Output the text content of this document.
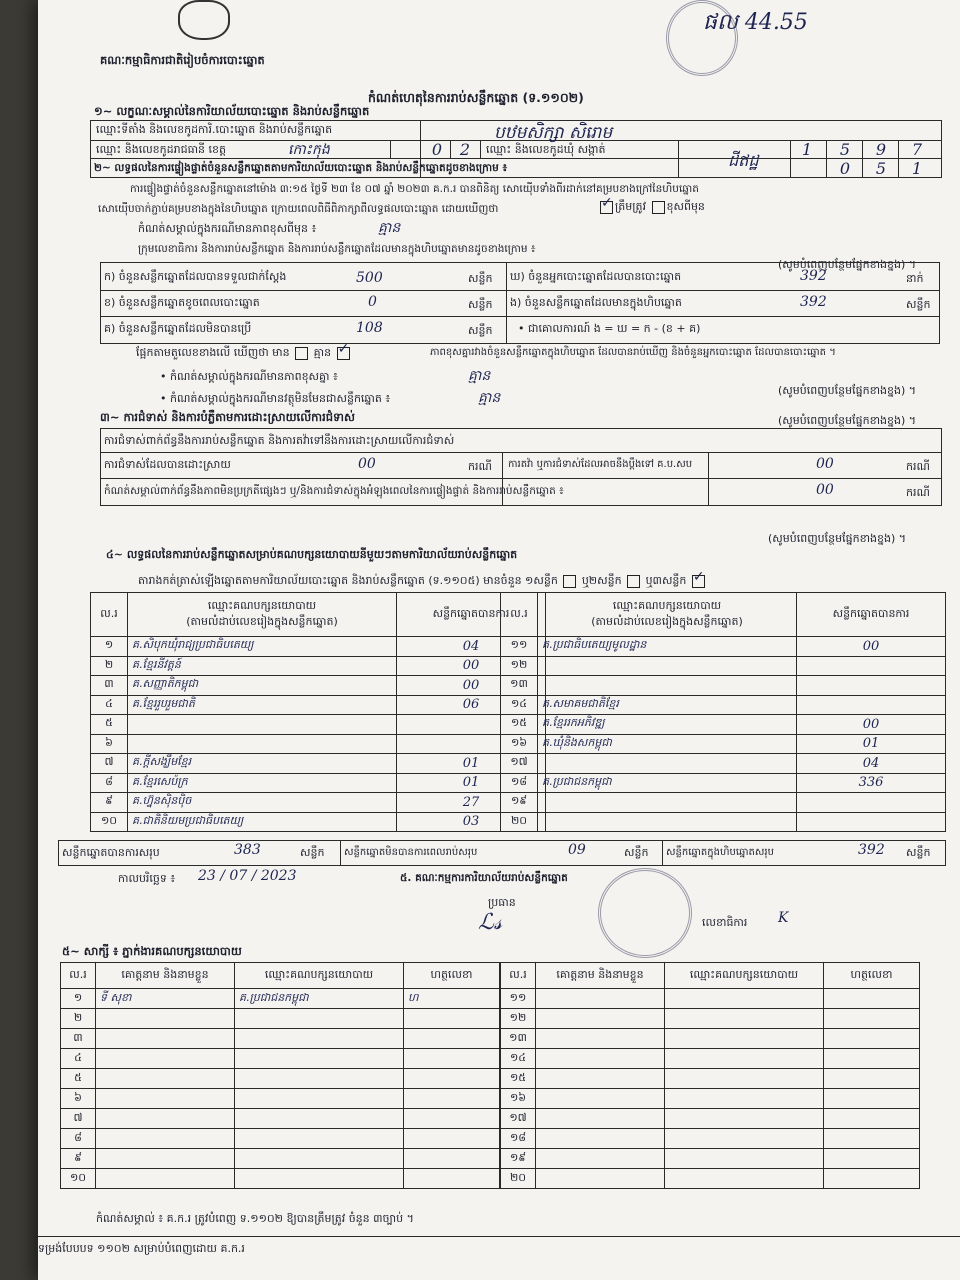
ផល 44.55
គណៈកម្មាធិការជាតិរៀបចំការបោះឆ្នោត
កំណត់ហេតុនៃការរាប់សន្លឹកឆ្នោត (ទ.១១០២)
១~ លក្ខណៈសម្គាល់នៃការិយាល័យបោះឆ្នោត និងរាប់សន្លឹកឆ្នោត
ឈ្មោះទីតាំង និងលេខកូដការិ.បោះឆ្នោត និងរាប់សន្លឹកឆ្នោត	បឋមសិក្សា សិរោម
ឈ្មោះ និងលេខកូដរាជធានី ខេត្ត	កោះកុង	0	2	ឈ្មោះ និងលេខកូដឃុំ សង្កាត់
ដីឥដ្ឋ
1	5	9	7
0	5	1
២~ លទ្ធផលនៃការផ្ទៀងផ្ទាត់ចំនួនសន្លឹកឆ្នោតតាមការិយាល័យបោះឆ្នោត និងរាប់សន្លឹកឆ្នោតដូចខាងក្រោម ៖
ការផ្ទៀងផ្ទាត់ចំនួនសន្លឹកឆ្នោតនៅម៉ោង ៣:១៥ ថ្ងៃទី ២៣ ខែ ០៧ ឆ្នាំ ២០២៣ គ.ក.រ បានពិនិត្យ សោយ៉ើបទាំងពីរដាក់នៅគម្របខាងក្រៅនៃហិបឆ្នោត
សោយ៉ើបចាក់ភ្ជាប់គម្របខាងក្នុងនៃហិបឆ្នោត ក្រោយពេលពិធីពិភាក្សាពីលទ្ធផលបោះឆ្នោត ដោយឃើញថា ✓	ត្រឹមត្រូវ ខុសពីមុន
កំណត់សម្គាល់ក្នុងករណីមានភាពខុសពីមុន ៖	គ្មាន
ក្រុមលេខាធិការ និងការរាប់សន្លឹកឆ្នោត និងការរាប់សន្លឹកឆ្នោតដែលមានក្នុងហិបឆ្នោតមានដូចខាងក្រោម ៖
(សូមបំពេញបន្ថែមផ្នែកខាងខ្នង) ។
ក) ចំនួនសន្លឹកឆ្នោតដែលបានទទួលជាក់ស្តែង	500	សន្លឹក
ខ) ចំនួនសន្លឹកឆ្នោតខូចពេលបោះឆ្នោត	0	សន្លឹក
គ) ចំនួនសន្លឹកឆ្នោតដែលមិនបានប្រើ	108	សន្លឹក
ឃ) ចំនួនអ្នកបោះឆ្នោតដែលបានបោះឆ្នោត	392	នាក់
ង) ចំនួនសន្លឹកឆ្នោតដែលមានក្នុងហិបឆ្នោត	392	សន្លឹក
• ជាគោលការណ៍ ង = ឃ = ក - (ខ + គ)
ផ្អែកតាមតួលេខខាងលើ ឃើញថា មាន គ្មាន ✓	ភាពខុសគ្នារវាងចំនួនសន្លឹកឆ្នោតក្នុងហិបឆ្នោត ដែលបានរាប់ឃើញ និងចំនួនអ្នកបោះឆ្នោត ដែលបានបោះឆ្នោត ។
• កំណត់សម្គាល់ក្នុងករណីមានភាពខុសគ្នា ៖	គ្មាន
(សូមបំពេញបន្ថែមផ្នែកខាងខ្នង) ។
• កំណត់សម្គាល់ក្នុងករណីមានវត្ថុមិនមែនជាសន្លឹកឆ្នោត ៖	គ្មាន
៣~ ការជំទាស់ និងការបំភ្លឺតាមការដោះស្រាយលើការជំទាស់	(សូមបំពេញបន្ថែមផ្នែកខាងខ្នង) ។
ការជំទាស់ពាក់ព័ន្ធនឹងការរាប់សន្លឹកឆ្នោត និងការតវ៉ាទៅនឹងការដោះស្រាយលើការជំទាស់
ការជំទាស់ដែលបានដោះស្រាយ	00	ករណី ការតវ៉ា ឬការជំទាស់ដែលអាចនឹងប្តឹងទៅ គ.ប.សប	00	ករណី
កំណត់សម្គាល់ពាក់ព័ន្ធនឹងភាពមិនប្រក្រតីផ្សេងៗ ឬ/និងការជំទាស់ក្នុងអំឡុងពេលនៃការផ្ទៀងផ្ទាត់ និងការរាប់សន្លឹកឆ្នោត ៖	00	ករណី
(សូមបំពេញបន្ថែមផ្នែកខាងខ្នង) ។
៤~ លទ្ធផលនៃការរាប់សន្លឹកឆ្នោតសម្រាប់គណបក្សនយោបាយនីមួយៗតាមការិយាល័យរាប់សន្លឹកឆ្នោត
តារាងកត់ត្រាស់ឡើងឆ្នោតតាមការិយាល័យបោះឆ្នោត និងរាប់សន្លឹកឆ្នោត (ទ.១១០៥) មានចំនួន ១សន្លឹក ឬ២សន្លឹក ឬ៣សន្លឹក ✓
ល.រ	ឈ្មោះគណបក្សនយោបាយ
(តាមលំដាប់លេខរៀងក្នុងសន្លឹកឆ្នោត)	សន្លឹកឆ្នោតបានការ
១	គ.សិបុកឃុំរាជ្យប្រជាធិបតេយ្យ	04
២	គ.ខ្មែរនីវត្តន៍	00
៣	គ.សញ្ញាតិកម្ពុជា	00
៤	គ.ខ្មែររួបរួមជាតិ	06
៥		
៦		
៧	គ.ក្តីសង្ឃឹមខ្មែរ	01
៨	គ.ខ្មែរសេប៉ក្រ	01
៩	គ.ហ្វ៊ុនស៊ិនប៉ិច	27
១០	គ.ជាតិនិយមប្រជាធិបតេយ្យ	03
ល.រ	ឈ្មោះគណបក្សនយោបាយ
(តាមលំដាប់លេខរៀងក្នុងសន្លឹកឆ្នោត)	សន្លឹកឆ្នោតបានការ
១១	គ.ប្រជាធិបតេយ្យមូលដ្ឋាន	00
១២		
១៣		
១៤	គ.សមាគមជាតិខ្មែរ	
១៥	គ.ខ្មែររកអភិវឌ្ឍ	00
១៦	គ.ឃុំនិងសកម្ពុជា	01
១៧		04
១៨	គ.ប្រជាជនកម្ពុជា	336
១៩		
២០		
សន្លឹកឆ្នោតបានការសរុប	383	សន្លឹក សន្លឹកឆ្នោតមិនបានការពេលរាប់សរុប	09	សន្លឹក សន្លឹកឆ្នោតក្នុងហិបឆ្នោតសរុប	392 សន្លឹក
កាលបរិច្ឆេទ ៖ 23 / 07 / 2023	៥. គណៈកម្មការការិយាល័យរាប់សន្លឹកឆ្នោត
ប្រធាន
ℒ𝓈	លេខាធិការ K
៥~ សាក្សី ៖ ភ្នាក់ងារគណបក្សនយោបាយ
ល.រ	គោត្តនាម និងនាមខ្លួន	ឈ្មោះគណបក្សនយោបាយ	ហត្ថលេខា
១	ទី សុខា	គ.ប្រជាជនកម្ពុជា	ហ
២			
៣			
៤			
៥			
៦			
៧			
៨			
៩			
១០			
ល.រ	គោត្តនាម និងនាមខ្លួន	ឈ្មោះគណបក្សនយោបាយ	ហត្ថលេខា
១១			
១២			
១៣			
១៤			
១៥			
១៦			
១៧			
១៨			
១៩			
២០			
កំណត់សម្គាល់ ៖ គ.ក.រ ត្រូវបំពេញ ទ.១១០២ ឱ្យបានត្រឹមត្រូវ ចំនួន ៣ច្បាប់ ។
ទម្រង់បែបបទ ១១០២ សម្រាប់បំពេញដោយ គ.ក.រ
